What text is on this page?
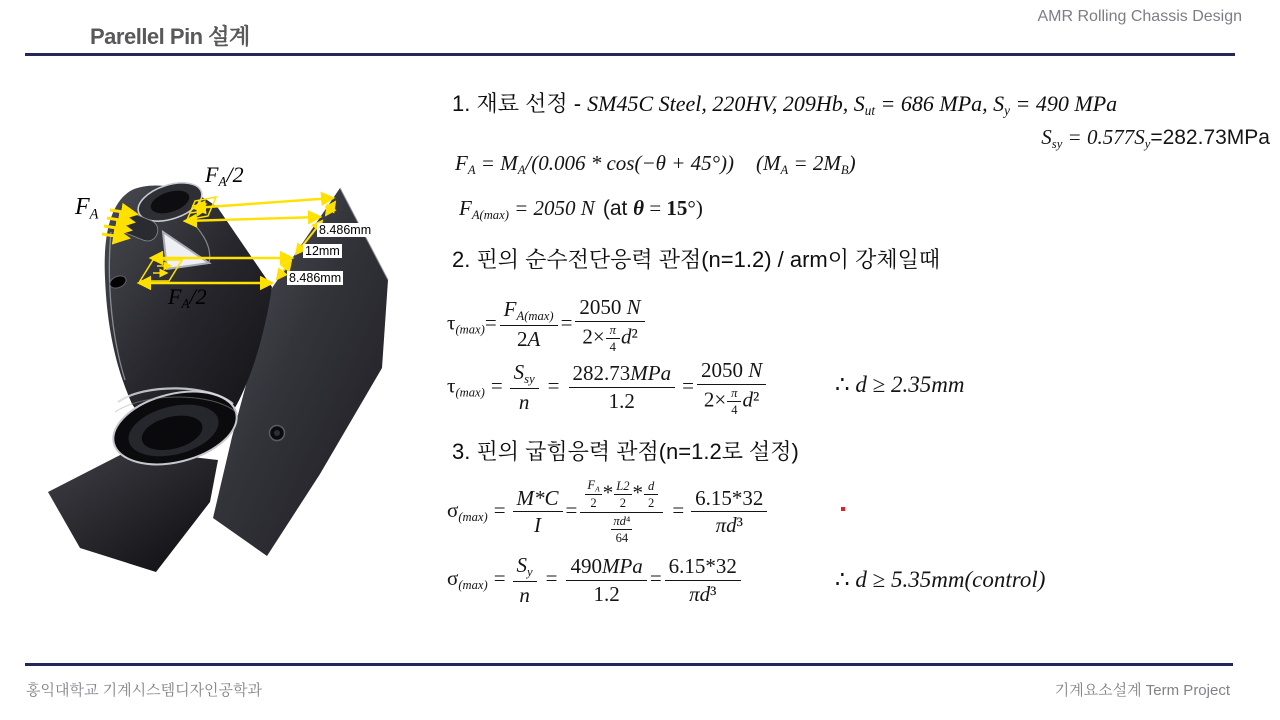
Parellel Pin 설계
AMR Rolling Chassis Design
FA/2
FA
FA/2
8.486mm
12mm
8.486mm
1. 재료 선정 - SM45C Steel, 220HV, 209Hb, Sut = 686 MPa, Sy = 490 MPa
Ssy = 0.577Sy=282.73MPa
FA = MA/(0.006 * cos(−θ + 45°)) (MA = 2MB)
FA(max) = 2050 N (at θ = 15°)
2. 핀의 순수전단응력 관점(n=1.2) / arm이 강체일때
$\tau(\max)= \frac{FA(\max)}{2A} = \frac{2050 N}{2\times \frac{\pi}{4} d^2}$
$\tau(\max) = \frac{\text{Ssy}}{n} = \frac{\text{282.73MPa}}{1.2} = \frac{2050 N}{2\times \frac{\pi}{4} d^2}$	∴ d ≥ 2.35mm
3. 핀의 굽힘응력 관점(n=1.2로 설정)
$\sigma(\max) = \frac{M*C}{I} = \frac{\frac{FA}{2} * \frac{L2}{2} * \frac{d}{2}}{\frac{\text{πd⁴}}{64}} = \frac{6.15*32}{\text{πd³}}$
$\sigma(\max) = \frac{Sy}{n} = \frac{\text{490MPa}}{1.2} = \frac{6.15*32}{\text{πd³}}$	∴ d ≥ 5.35mm(control)
홍익대학교 기계시스템디자인공학과	기계요소설계 Term Project
